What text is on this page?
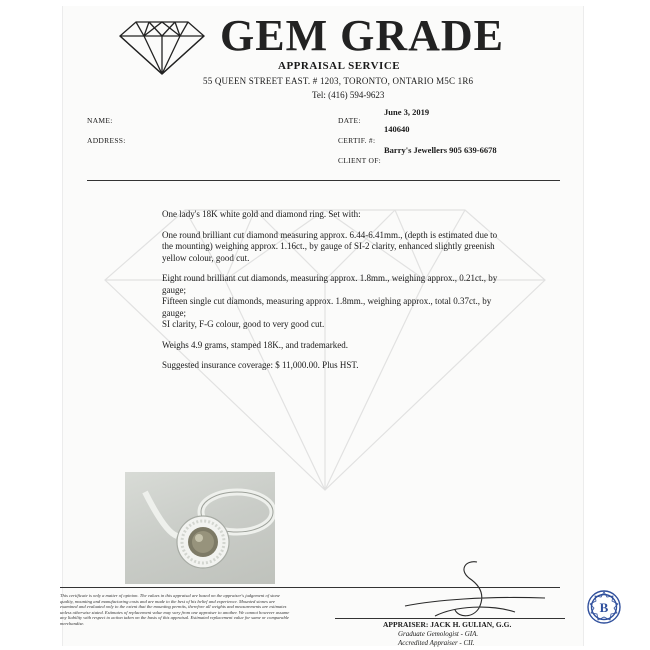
GEM GRADE
APPRAISAL SERVICE
55 QUEEN STREET EAST. # 1203, TORONTO, ONTARIO M5C 1R6
Tel: (416) 594-9623
NAME:
ADDRESS:
DATE:
June 3, 2019
CERTIF. #:
140640
CLIENT OF:
Barry's Jewellers 905 639-6678

One lady's 18K white gold and diamond ring. Set with:

One round brilliant cut diamond measuring approx. 6.44-6.41mm., (depth is estimated due to the mounting) weighing approx. 1.16ct., by gauge of SI-2 clarity, enhanced slightly greenish yellow colour, good cut.

Eight round brilliant cut diamonds, measuring approx. 1.8mm., weighing approx., 0.21ct., by gauge;
Fifteen single cut diamonds, measuring approx. 1.8mm., weighing approx., total 0.37ct., by gauge;
SI clarity, F-G colour, good to very good cut.

Weighs 4.9 grams, stamped 18K., and trademarked.

Suggested insurance coverage: $ 11,000.00. Plus HST.

This certificate is only a matter of opinion. The values in this appraisal are based on the appraiser's judgement of stone quality, mounting and manufacturing costs and are made to the best of his belief and experience. Mounted stones are examined and evaluated only to the extent that the mounting permits, therefore all weights and measurements are estimates unless otherwise stated. Estimates of replacement value may vary from one appraiser to another. We cannot however assume any liability with respect to action taken on the basis of this appraisal. Estimated replacement value for same or comparable merchandise.	APPRAISER: JACK H. GULIAN, G.G.
Graduate Gemologist - GIA.
Accredited Appraiser - CII.
B
